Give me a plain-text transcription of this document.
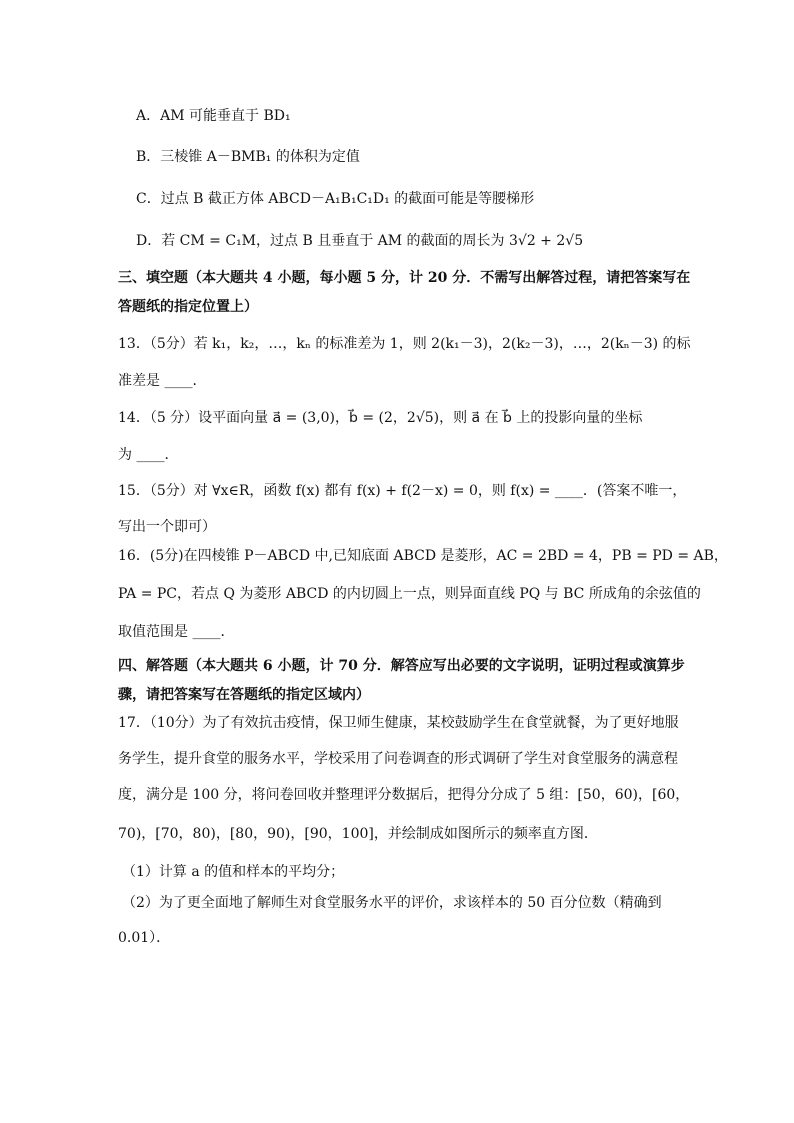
A．AM 可能垂直于 BD₁
B．三棱锥 A－BMB₁ 的体积为定值
C．过点 B 截正方体 ABCD－A₁B₁C₁D₁ 的截面可能是等腰梯形
D．若 CM = C₁M，过点 B 且垂直于 AM 的截面的周长为 3√2 + 2√5
三、填空题（本大题共 4 小题，每小题 5 分，计 20 分．不需写出解答过程，请把答案写在
答题纸的指定位置上）
13．（5分）若 k₁，k₂，…，kₙ 的标准差为 1，则 2(k₁－3)，2(k₂－3)，…，2(kₙ－3) 的标
准差是 ____．
14．（5 分）设平面向量 a⃗ = (3,0)，b⃗ = (2，2√5)，则 a⃗ 在 b⃗ 上的投影向量的坐标
为 ____．
15．（5分）对 ∀x∈R，函数 f(x) 都有 f(x) + f(2－x) = 0，则 f(x) = ____．(答案不唯一，
写出一个即可）
16．(5分)在四棱锥 P－ABCD 中,已知底面 ABCD 是菱形，AC = 2BD = 4，PB = PD = AB，
PA = PC，若点 Q 为菱形 ABCD 的内切圆上一点，则异面直线 PQ 与 BC 所成角的余弦值的
取值范围是 ____．
四、解答题（本大题共 6 小题，计 70 分．解答应写出必要的文字说明，证明过程或演算步
骤，请把答案写在答题纸的指定区域内）
17．（10分）为了有效抗击疫情，保卫师生健康，某校鼓励学生在食堂就餐，为了更好地服
务学生，提升食堂的服务水平，学校采用了问卷调查的形式调研了学生对食堂服务的满意程
度，满分是 100 分，将问卷回收并整理评分数据后，把得分分成了 5 组：[50，60)，[60，
70)，[70，80)，[80，90)，[90，100]，并绘制成如图所示的频率直方图．
（1）计算 a 的值和样本的平均分；
（2）为了更全面地了解师生对食堂服务水平的评价，求该样本的 50 百分位数（精确到
0.01）．
